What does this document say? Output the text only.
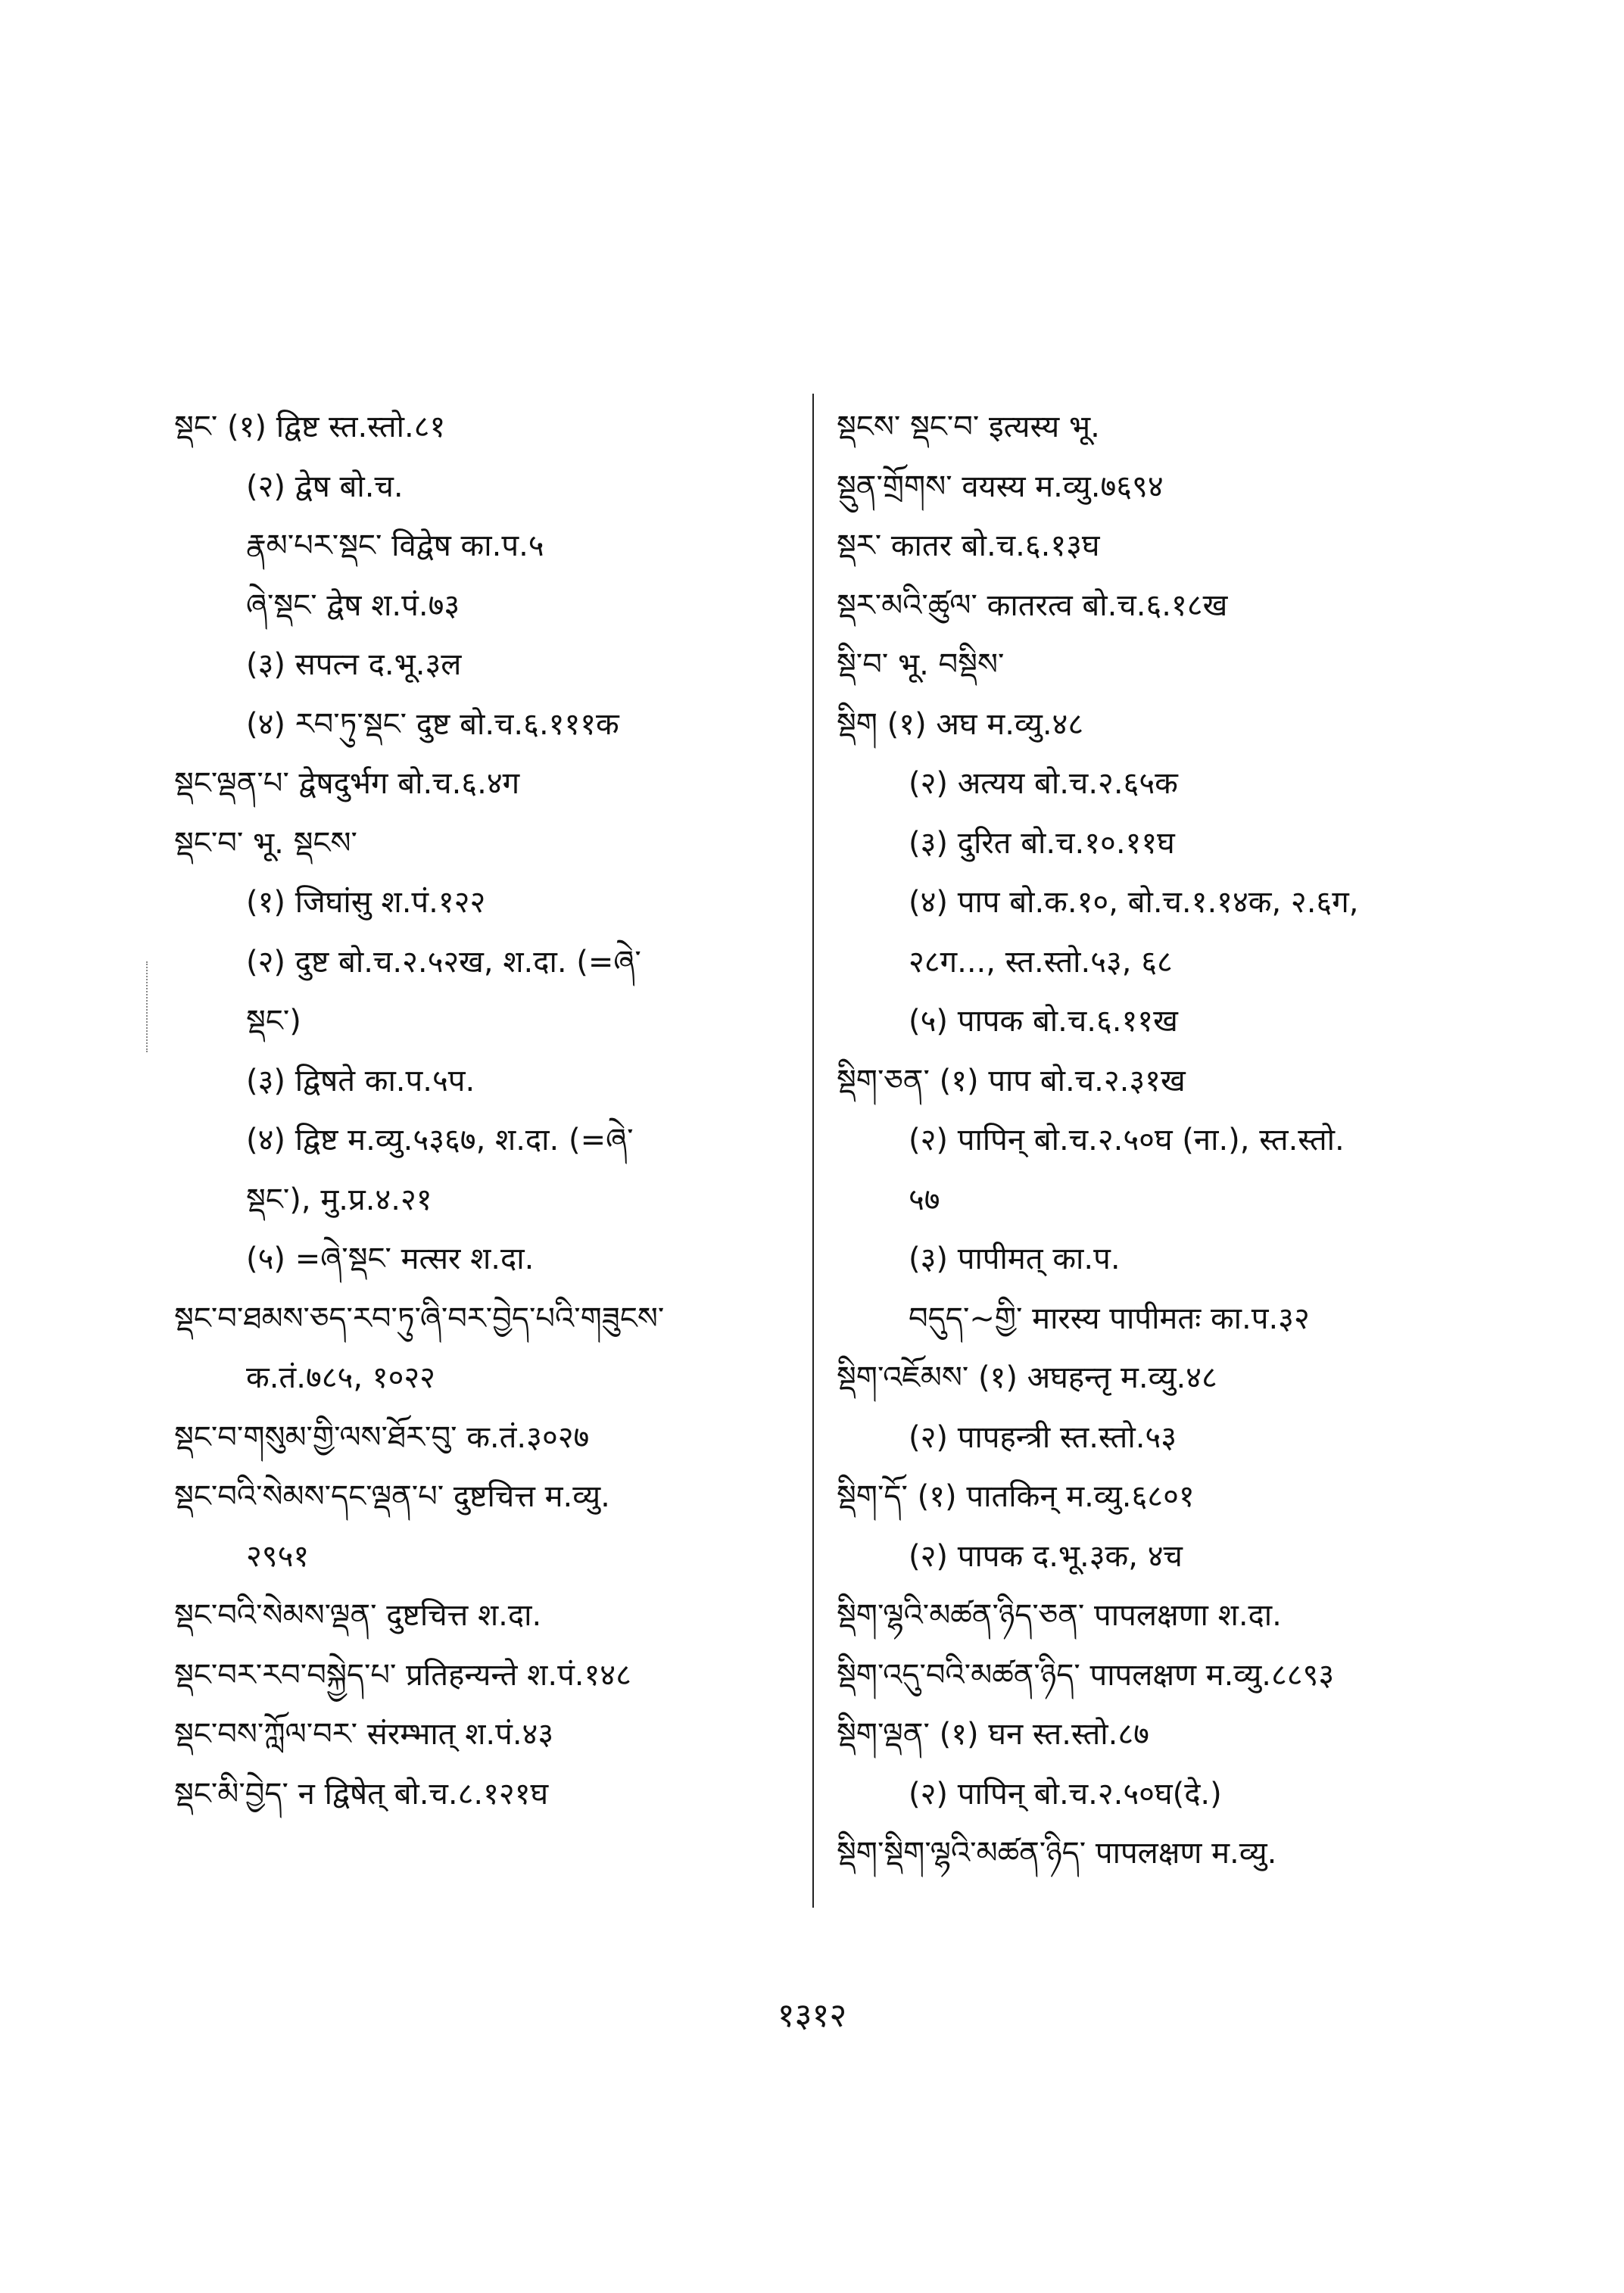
སྡང་ (१) द्विष्ट स्त.स्तो.८१
(२) द्वेष बो.च.
རྣམ་པར་སྡང་ विद्वेष का.प.५
ཞེ་སྡང་ द्वेष श.पं.७३
(३) सपत्न द.भू.३ल
(४) རབ་ཏུ་སྡང་ दुष्ट बो.च.६.१११क
སྡང་ལྡན་པ་ द्वेषदुर्भग बो.च.६.४ग
སྡང་བ་ भू. སྡངས་
(१) जिघांसु श.पं.१२२
(२) दुष्ट बो.च.२.५२ख, श.दा. (=ཞེ་
སྡང་)
(३) द्विषते का.प.५प.
(४) द्विष्ट म.व्यु.५३६७, श.दा. (=ཞེ་
སྡང་), मु.प्र.४.२१
(५) =ཞེ་སྡང་ मत्सर श.दा.
སྡང་བ་ཐམས་ཅད་རབ་ཏུ་ཞི་བར་བྱེད་པའི་གཟུངས་
क.तं.७८५, १०२२
སྡང་བ་གསུམ་གྱི་ལས་ཐོར་བུ་ क.तं.३०२७
སྡང་བའི་སེམས་དང་ལྡན་པ་ दुष्टचित्त म.व्यु.
२९५१
སྡང་བའི་སེམས་ལྡན་ दुष्टचित्त श.दा.
སྡང་བར་རབ་བསྐྱེད་པ་ प्रतिहन्यन्ते श.पं.१४८
སྡང་བས་ཀློལ་བར་ संरम्भात् श.पं.४३
སྡང་མི་བྱེད་ न द्विषेत् बो.च.८.१२१घ
སྡངས་ སྡང་བ་ इत्यस्य भू.
སྡུན་གྲོགས་ वयस्य म.व्यु.७६९४
སྡར་ कातर बो.च.६.१३घ
སྡར་མའི་ཚུལ་ कातरत्व बो.च.६.१८ख
སྡི་བ་ भू. བསྡིས་
སྡིག (१) अघ म.व्यु.४८
(२) अत्यय बो.च.२.६५क
(३) दुरित बो.च.१०.११घ
(४) पाप बो.क.१०, बो.च.१.१४क, २.६ग,
२८ग..., स्त.स्तो.५३, ६८
(५) पापक बो.च.६.११ख
སྡིག་ཅན་ (१) पाप बो.च.२.३१ख
(२) पापिन् बो.च.२.५०घ (ना.), स्त.स्तो.
५७
(३) पापीमत् का.प.
བདུད་~གྱི་ मारस्य पापीमतः का.प.३२
སྡིག་འཇོམས་ (१) अघहन्तृ म.व्यु.४८
(२) पापहन्त्री स्त.स्तो.५३
སྡིག་དོ་ (१) पातकिन् म.व्यु.६८०१
(२) पापक द.भू.३क, ४च
སྡིག་ལྷའི་མཚན་ཉིད་ཅན་ पापलक्षणा श.दा.
སྡིག་འདུ་བའི་མཚན་ཉིད་ पापलक्षण म.व्यु.८८९३
སྡིག་ལྡན་ (१) घन स्त.स्तो.८७
(२) पापिन् बो.च.२.५०घ(दे.)
སྡིག་སྡིག་ལྷའི་མཚན་ཉིད་ पापलक्षण म.व्यु.
१३१२
